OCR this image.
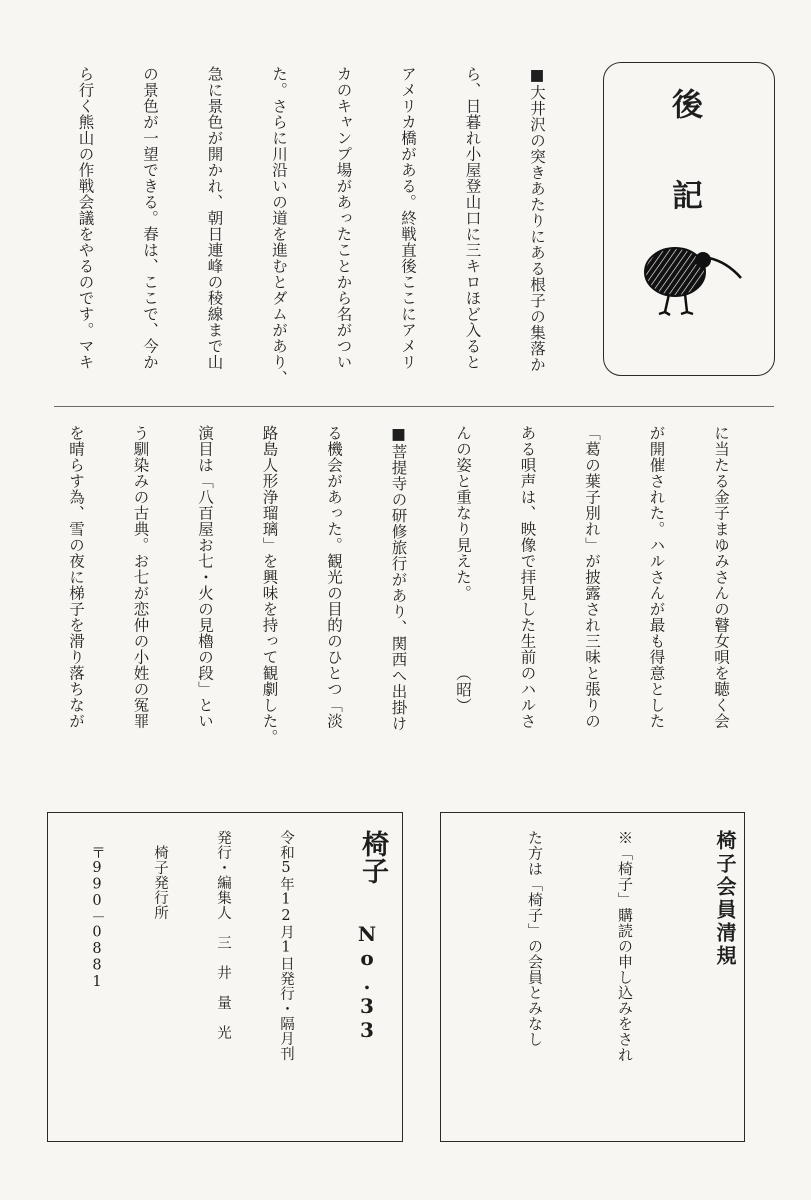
後 記

■大井沢の突きあたりにある根子の集落か

ら、日暮れ小屋登山口に三キロほど入ると

アメリカ橋がある。終戦直後ここにアメリ

カのキャンプ場があったことから名がつい

た。さらに川沿いの道を進むとダムがあり、

急に景色が開かれ、朝日連峰の稜線まで山

の景色が一望できる。春は、ここで、今か

ら行く熊山の作戦会議をやるのです。マキ

に当たる金子まゆみさんの瞽女唄を聴く会

が開催された。ハルさんが最も得意とした

「葛の葉子別れ」が披露され三味と張りの

ある唄声は、映像で拝見した生前のハルさ

んの姿と重なり見えた。　　　　　（昭）

■菩提寺の研修旅行があり、関西へ出掛け

る機会があった。観光の目的のひとつ「淡

路島人形浄瑠璃」を興味を持って観劇した。

演目は「八百屋お七・火の見櫓の段」とい

う馴染みの古典。お七が恋仲の小姓の冤罪

を晴らす為、雪の夜に梯子を滑り落ちなが

椅子
No.33

令和5年12月1日発行・隔月刊

発行・編集人　三　井　量　光

　椅子発行所

　〒990－0881

	椅子会員清規

※「椅子」購読の申し込みをされ

た方は「椅子」の会員とみなし
